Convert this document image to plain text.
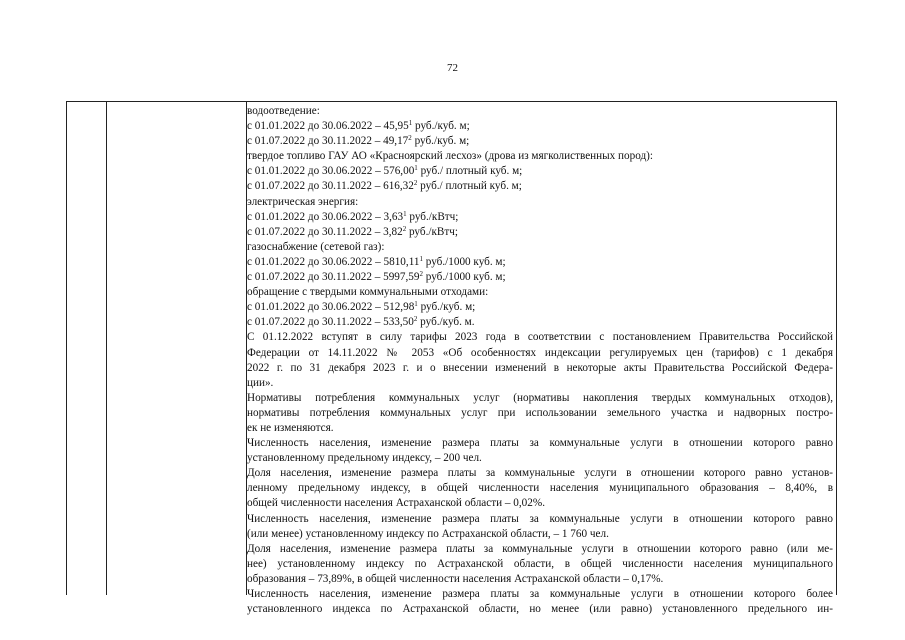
72
водоотведение:
с 01.01.2022 до 30.06.2022 – 45,95$^1$ руб./куб. м;
с 01.07.2022 до 30.11.2022 – 49,17$^2$ руб./куб. м;
твердое топливо ГАУ АО «Красноярский лесхоз» (дрова из мягколиственных пород):
с 01.01.2022 до 30.06.2022 – 576,00$^1$ руб./ плотный куб. м;
с 01.07.2022 до 30.11.2022 – 616,32$^2$ руб./ плотный куб. м;
электрическая энергия:
с 01.01.2022 до 30.06.2022 – 3,63$^1$ руб./кВтч;
с 01.07.2022 до 30.11.2022 – 3,82$^2$ руб./кВтч;
газоснабжение (сетевой газ):
с 01.01.2022 до 30.06.2022 – 5810,11$^1$ руб./1000 куб. м;
с 01.07.2022 до 30.11.2022 – 5997,59$^2$ руб./1000 куб. м;
обращение с твердыми коммунальными отходами:
с 01.01.2022 до 30.06.2022 – 512,98$^1$ руб./куб. м;
с 01.07.2022 до 30.11.2022 – 533,50$^2$ руб./куб. м.
С 01.12.2022 вступят в силу тарифы 2023 года в соответствии с постановлением Правительства Российской
Федерации от 14.11.2022 № 2053 «Об особенностях индексации регулируемых цен (тарифов) с 1 декабря
2022 г. по 31 декабря 2023 г. и о внесении изменений в некоторые акты Правительства Российской Федера-
ции».
Нормативы потребления коммунальных услуг (нормативы накопления твердых коммунальных отходов),
нормативы потребления коммунальных услуг при использовании земельного участка и надворных постро-
ек не изменяются.
Численность населения, изменение размера платы за коммунальные услуги в отношении которого равно
установленному предельному индексу, – 200 чел.
Доля населения, изменение размера платы за коммунальные услуги в отношении которого равно установ-
ленному предельному индексу, в общей численности населения муниципального образования – 8,40%, в
общей численности населения Астраханской области – 0,02%.
Численность населения, изменение размера платы за коммунальные услуги в отношении которого равно
(или менее) установленному индексу по Астраханской области, – 1 760 чел.
Доля населения, изменение размера платы за коммунальные услуги в отношении которого равно (или ме-
нее) установленному индексу по Астраханской области, в общей численности населения муниципального
образования – 73,89%, в общей численности населения Астраханской области – 0,17%.
Численность населения, изменение размера платы за коммунальные услуги в отношении которого более
установленного индекса по Астраханской области, но менее (или равно) установленного предельного ин-
